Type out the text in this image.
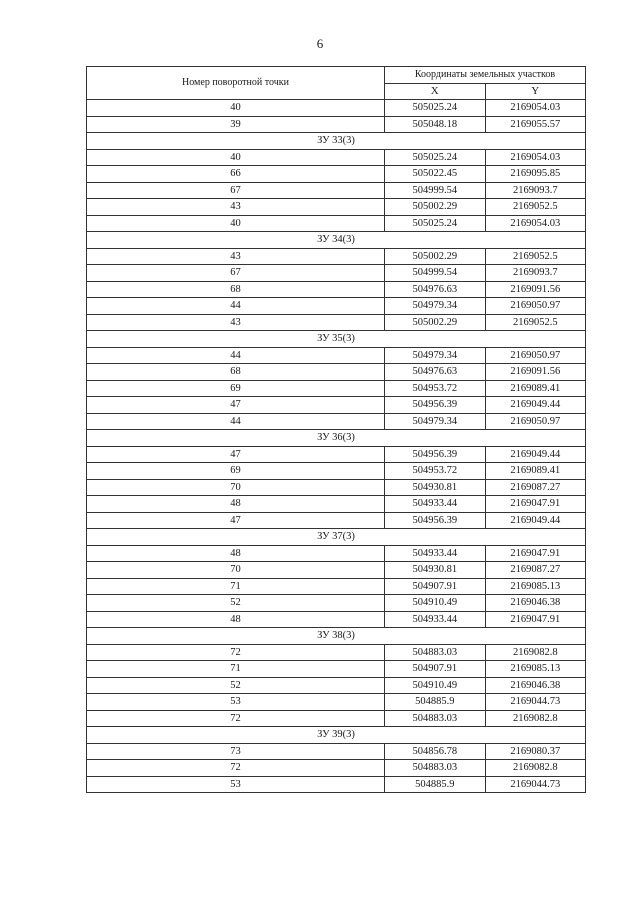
6
Номер поворотной точки	Координаты земельных участков	
	X	Y
40	505025.24	2169054.03
39	505048.18	2169055.57
ЗУ 33(3)		
40	505025.24	2169054.03
66	505022.45	2169095.85
67	504999.54	2169093.7
43	505002.29	2169052.5
40	505025.24	2169054.03
ЗУ 34(3)		
43	505002.29	2169052.5
67	504999.54	2169093.7
68	504976.63	2169091.56
44	504979.34	2169050.97
43	505002.29	2169052.5
ЗУ 35(3)		
44	504979.34	2169050.97
68	504976.63	2169091.56
69	504953.72	2169089.41
47	504956.39	2169049.44
44	504979.34	2169050.97
ЗУ 36(3)		
47	504956.39	2169049.44
69	504953.72	2169089.41
70	504930.81	2169087.27
48	504933.44	2169047.91
47	504956.39	2169049.44
ЗУ 37(3)		
48	504933.44	2169047.91
70	504930.81	2169087.27
71	504907.91	2169085.13
52	504910.49	2169046.38
48	504933.44	2169047.91
ЗУ 38(3)		
72	504883.03	2169082.8
71	504907.91	2169085.13
52	504910.49	2169046.38
53	504885.9	2169044.73
72	504883.03	2169082.8
ЗУ 39(3)		
73	504856.78	2169080.37
72	504883.03	2169082.8
53	504885.9	2169044.73
